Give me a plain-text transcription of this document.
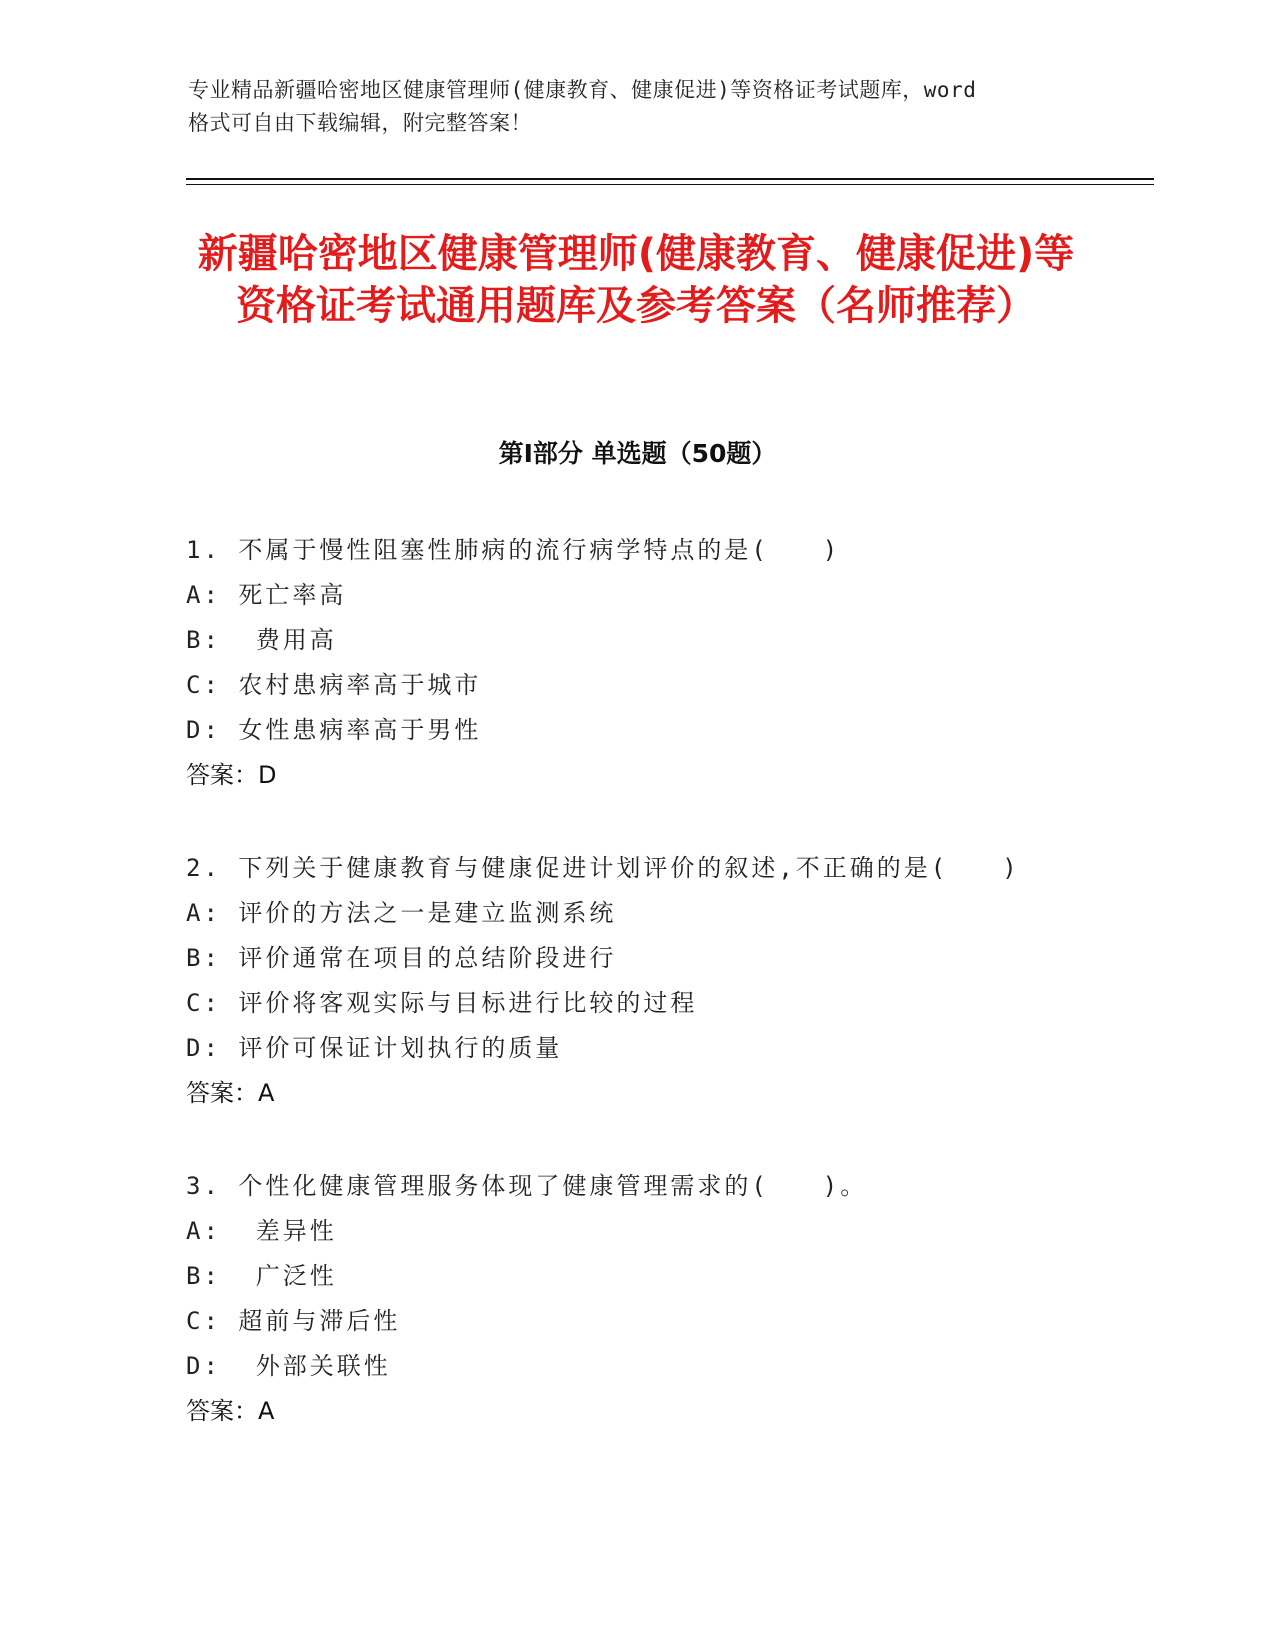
专业精品新疆哈密地区健康管理师(健康教育、健康促进)等资格证考试题库，word
格式可自由下载编辑，附完整答案！
新疆哈密地区健康管理师(健康教育、健康促进)等资格证考试通用题库及参考答案（名师推荐）
第Ⅰ部分 单选题（50题）
1. 不属于慢性阻塞性肺病的流行病学特点的是(　　)
A: 死亡率高
B:  费用高
C: 农村患病率高于城市
D: 女性患病率高于男性
答案：D
2. 下列关于健康教育与健康促进计划评价的叙述,不正确的是(　　)
A: 评价的方法之一是建立监测系统
B: 评价通常在项目的总结阶段进行
C: 评价将客观实际与目标进行比较的过程
D: 评价可保证计划执行的质量
答案：A
3. 个性化健康管理服务体现了健康管理需求的(　　)。
A:  差异性
B:  广泛性
C: 超前与滞后性
D:  外部关联性
答案：A
